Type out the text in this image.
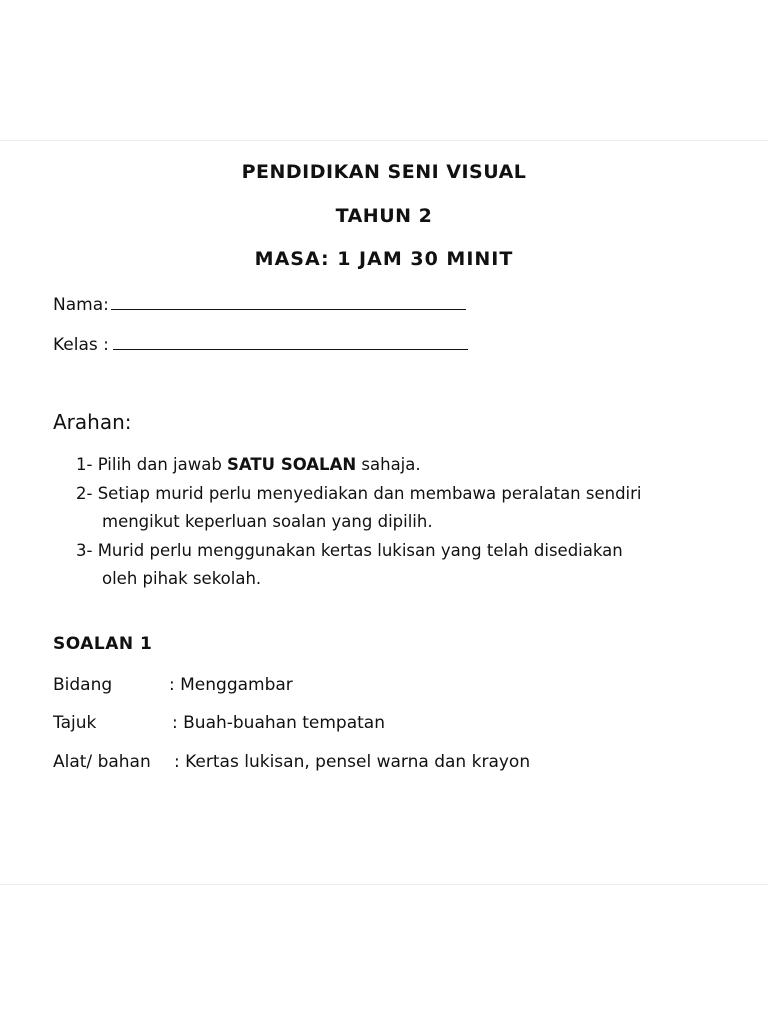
PENDIDIKAN SENI VISUAL
TAHUN 2
MASA: 1 JAM 30 MINIT
Nama:
Kelas :
Arahan:
1- Pilih dan jawab SATU SOALAN sahaja.
2- Setiap murid perlu menyediakan dan membawa peralatan sendiri
mengikut keperluan soalan yang dipilih.
3- Murid perlu menggunakan kertas lukisan yang telah disediakan
oleh pihak sekolah.
SOALAN 1
Bidang	: Menggambar
Tajuk	: Buah-buahan tempatan
Alat/ bahan : Kertas lukisan, pensel warna dan krayon
